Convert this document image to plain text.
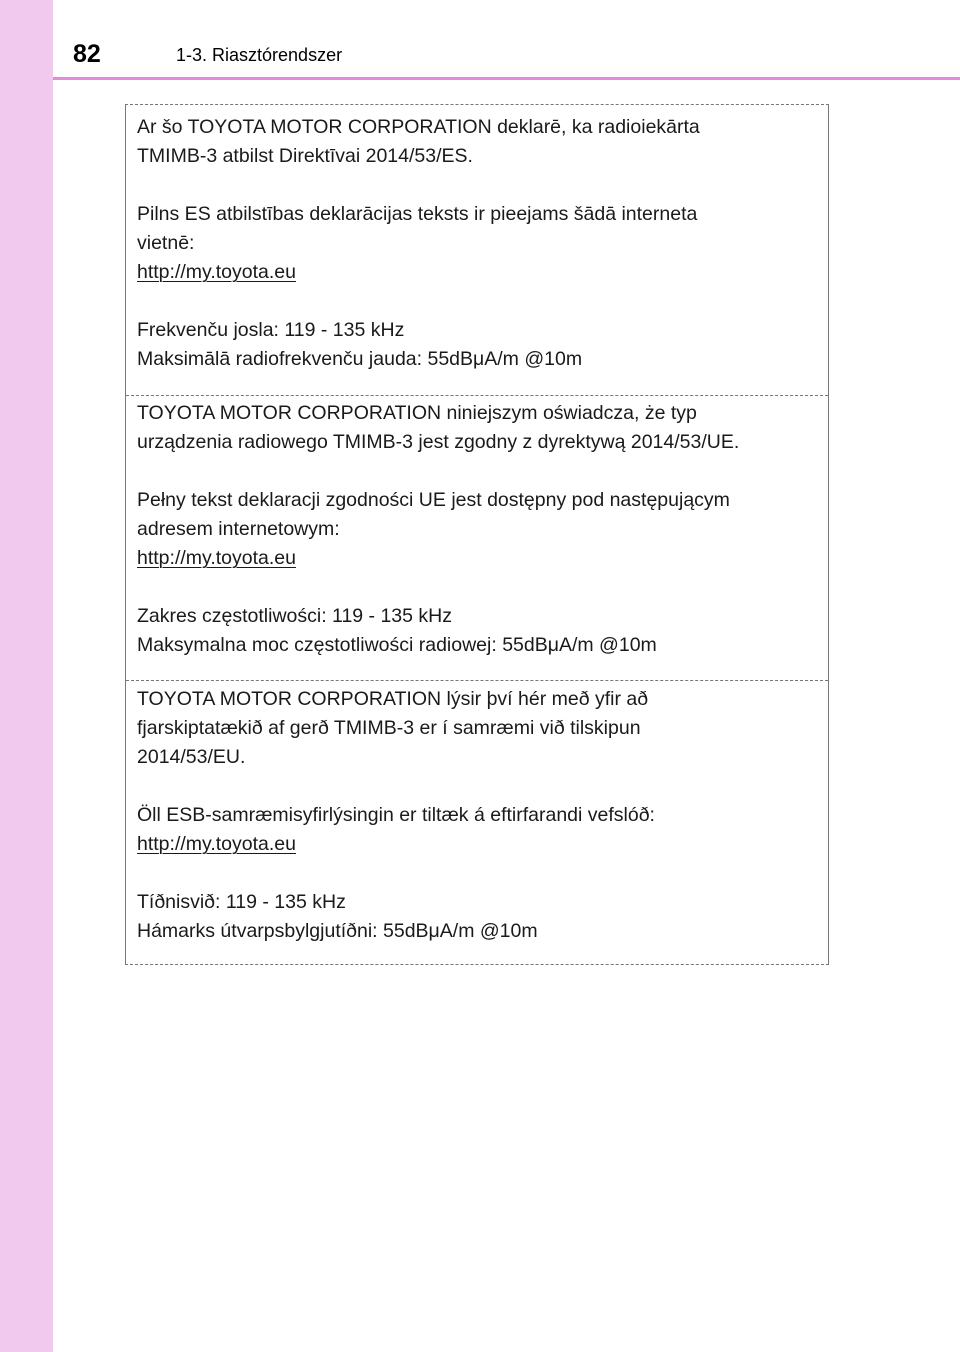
82	1-3. Riasztórendszer

Ar šo TOYOTA MOTOR CORPORATION deklarē, ka radioiekārta

TMIMB-3 atbilst Direktīvai 2014/53/ES.

Pilns ES atbilstības deklarācijas teksts ir pieejams šādā interneta

vietnē:

http://my.toyota.eu

Frekvenču josla: 119 - 135 kHz

Maksimālā radiofrekvenču jauda: 55dBμA/m @10m

TOYOTA MOTOR CORPORATION niniejszym oświadcza, że typ

urządzenia radiowego TMIMB-3 jest zgodny z dyrektywą 2014/53/UE.

Pełny tekst deklaracji zgodności UE jest dostępny pod następującym

adresem internetowym:

http://my.toyota.eu

Zakres częstotliwości: 119 - 135 kHz

Maksymalna moc częstotliwości radiowej: 55dBμA/m @10m

TOYOTA MOTOR CORPORATION lýsir því hér með yfir að

fjarskiptatækið af gerð TMIMB-3 er í samræmi við tilskipun

2014/53/EU.

Öll ESB-samræmisyfirlýsingin er tiltæk á eftirfarandi vefslóð:

http://my.toyota.eu

Tíðnisvið: 119 - 135 kHz

Hámarks útvarpsbylgjutíðni: 55dBμA/m @10m
